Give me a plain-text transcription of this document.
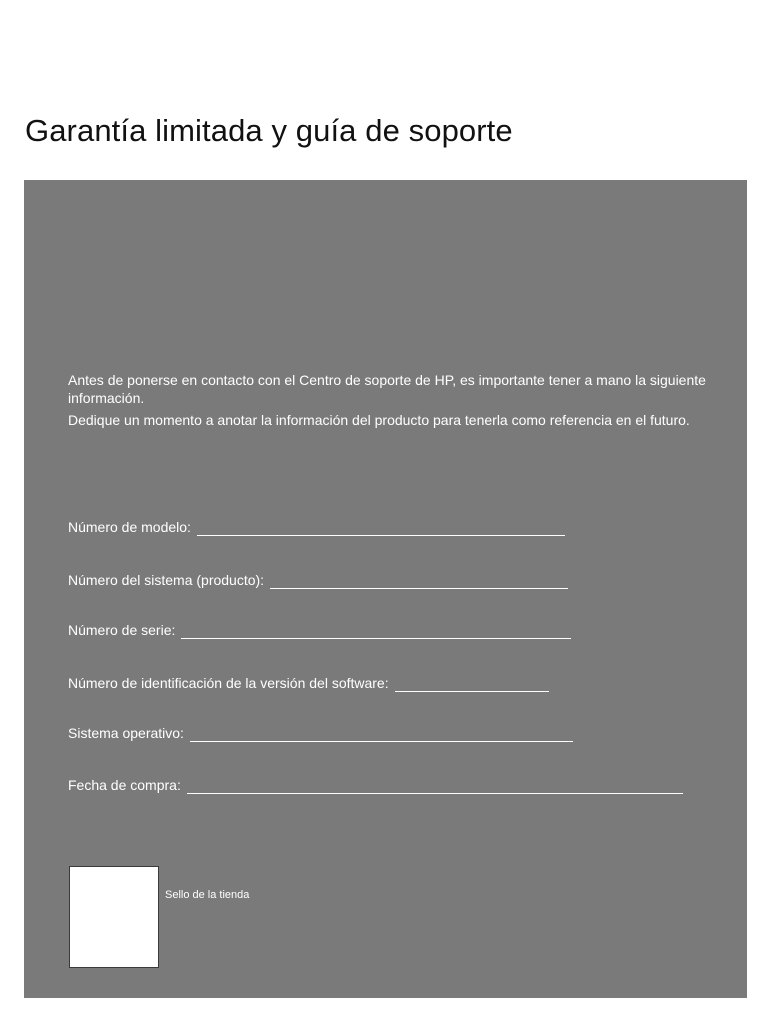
Garantía limitada y guía de soporte

Antes de ponerse en contacto con el Centro de soporte de HP, es importante tener a mano la siguiente información.

Dedique un momento a anotar la información del producto para tenerla como referencia en el futuro.

Número de modelo:
Número del sistema (producto):
Número de serie:
Número de identificación de la versión del software:
Sistema operativo:
Fecha de compra:
Sello de la tienda
